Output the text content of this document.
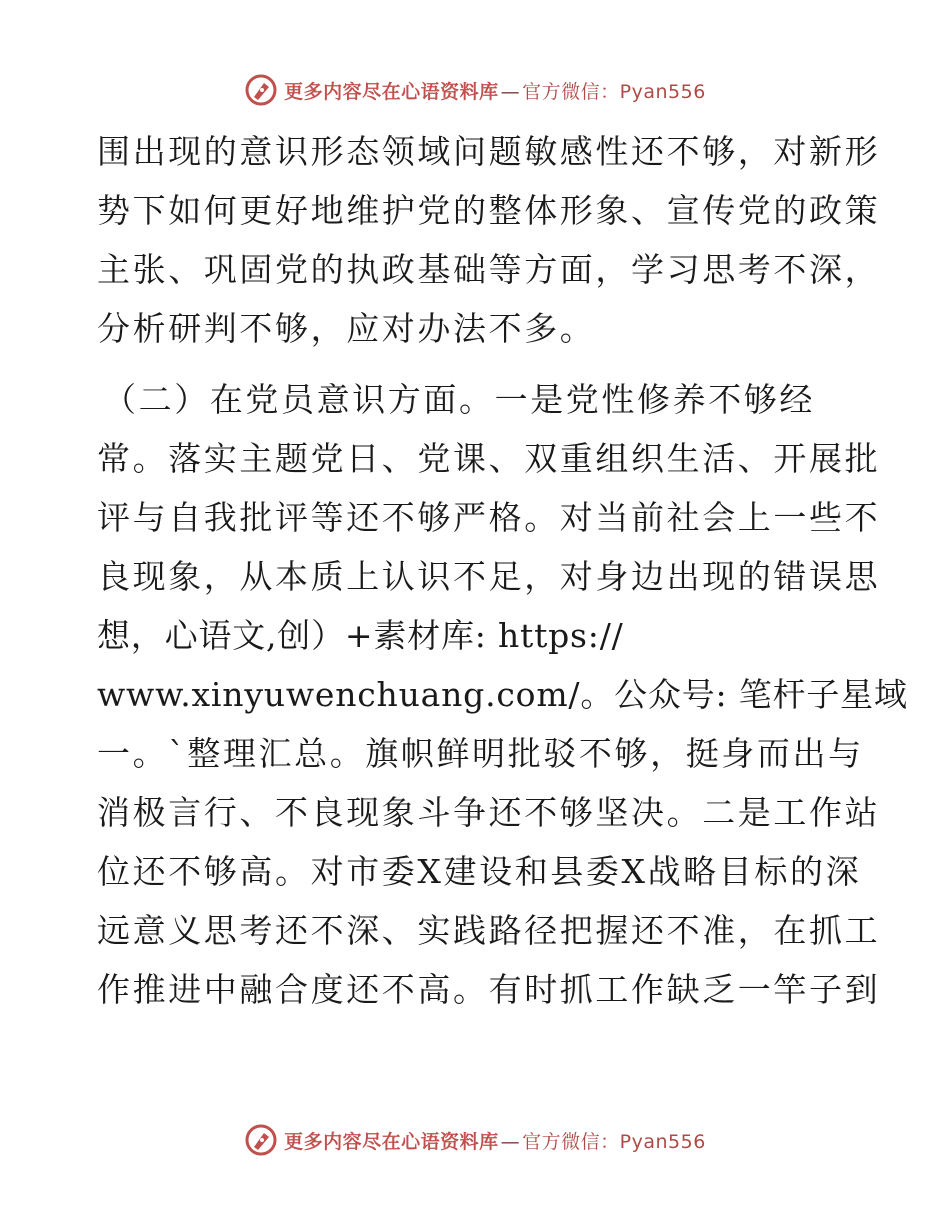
更多内容尽在心语资料库 — 官方微信：Pyan556
围出现的意识形态领域问题敏感性还不够，对新形
势下如何更好地维护党的整体形象、宣传党的政策
主张、巩固党的执政基础等方面，学习思考不深，
分析研判不够，应对办法不多。
（二）在党员意识方面。一是党性修养不够经
常。落实主题党日、党课、双重组织生活、开展批
评与自我批评等还不够严格。对当前社会上一些不
良现象，从本质上认识不足，对身边出现的错误思
想，心语文,创）+素材库: https://
www.xinyuwenchuang.com/。公众号: 笔杆子星域
一。`整理汇总。旗帜鲜明批驳不够，挺身而出与
消极言行、不良现象斗争还不够坚决。二是工作站
位还不够高。对市委X建设和县委X战略目标的深
远意义思考还不深、实践路径把握还不准，在抓工
作推进中融合度还不高。有时抓工作缺乏一竿子到
更多内容尽在心语资料库 — 官方微信：Pyan556
